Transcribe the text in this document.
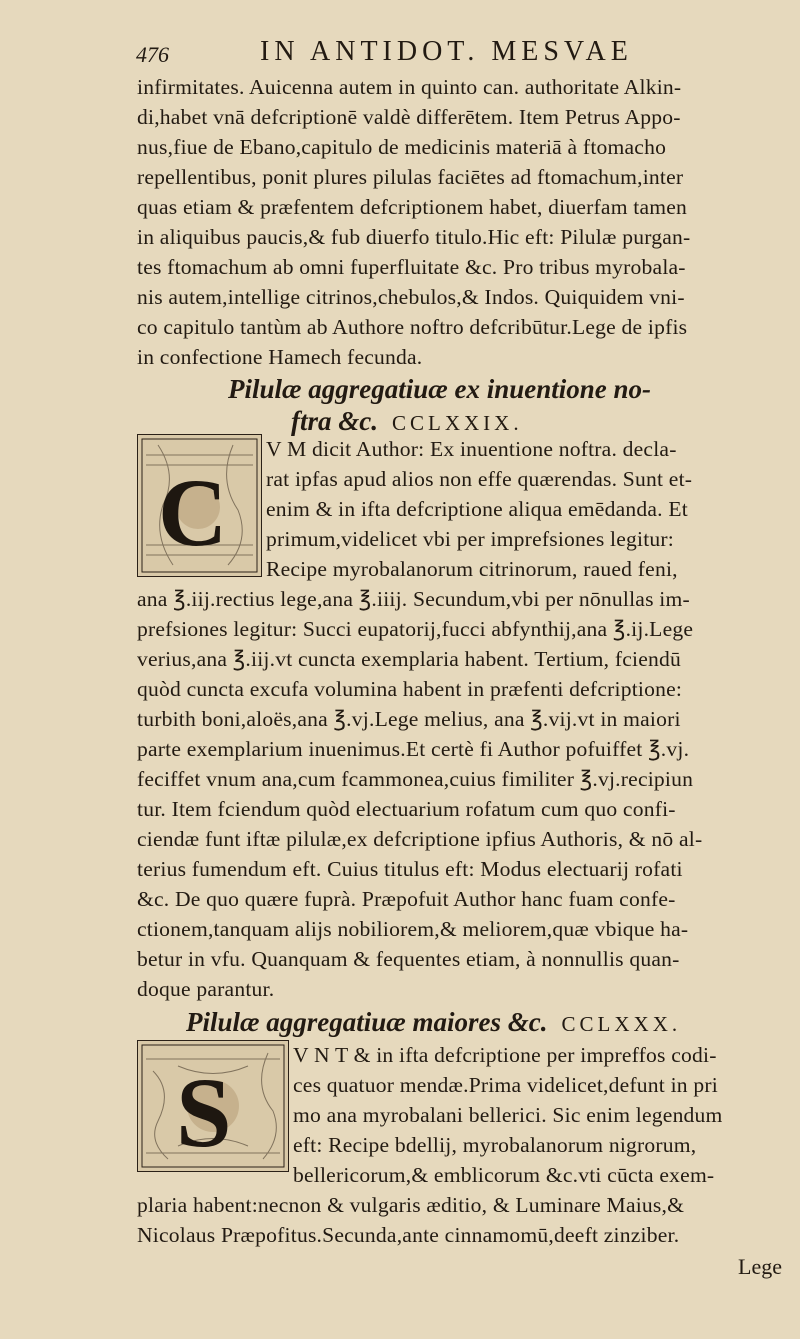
476	IN ANTIDOT. MESVAE
infirmitates. Auicenna autem in quinto can. authoritate Alkin-
di,habet vnā defcriptionē valdè differētem. Item Petrus Appo-
nus,fiue de Ebano,capitulo de medicinis materiā à ftomacho
repellentibus, ponit plures pilulas faciētes ad ftomachum,inter
quas etiam & præfentem defcriptionem habet, diuerfam tamen
in aliquibus paucis,& fub diuerfo titulo.Hic eft: Pilulæ purgan-
tes ftomachum ab omni fuperfluitate &c. Pro tribus myrobala-
nis autem,intellige citrinos,chebulos,& Indos. Quiquidem vni-
co capitulo tantùm ab Authore noftro defcribūtur.Lege de ipfis
in confectione Hamech fecunda.
Pilulæ aggregatiuæ ex inuentione no-
ftra &c. CCLXXIX.
C
V M dicit Author: Ex inuentione noftra. decla-
rat ipfas apud alios non effe quærendas. Sunt et-
enim & in ifta defcriptione aliqua emēdanda. Et
primum,videlicet vbi per imprefsiones legitur:
Recipe myrobalanorum citrinorum, raued feni,
ana ℥.iij.rectius lege,ana ℥.iiij. Secundum,vbi per nōnullas im-
prefsiones legitur: Succi eupatorij,fucci abfynthij,ana ℥.ij.Lege
verius,ana ℥.iij.vt cuncta exemplaria habent. Tertium, fciendū
quòd cuncta excufa volumina habent in præfenti defcriptione:
turbith boni,aloës,ana ℥.vj.Lege melius, ana ℥.vij.vt in maiori
parte exemplarium inuenimus.Et certè fi Author pofuiffet ℥.vj.
feciffet vnum ana,cum fcammonea,cuius fimiliter ℥.vj.recipiun
tur. Item fciendum quòd electuarium rofatum cum quo confi-
ciendæ funt iftæ pilulæ,ex defcriptione ipfius Authoris, & nō al-
terius fumendum eft. Cuius titulus eft: Modus electuarij rofati
&c. De quo quære fuprà. Præpofuit Author hanc fuam confe-
ctionem,tanquam alijs nobiliorem,& meliorem,quæ vbique ha-
betur in vfu. Quanquam & fequentes etiam, à nonnullis quan-
doque parantur.
Pilulæ aggregatiuæ maiores &c. CCLXXX.
S
V N T & in ifta defcriptione per impreffos codi-
ces quatuor mendæ.Prima videlicet,defunt in pri
mo ana myrobalani bellerici. Sic enim legendum
eft: Recipe bdellij, myrobalanorum nigrorum,
bellericorum,& emblicorum &c.vti cūcta exem-
plaria habent:necnon & vulgaris æditio, & Luminare Maius,&
Nicolaus Præpofitus.Secunda,ante cinnamomū,deeft zinziber.
Lege
